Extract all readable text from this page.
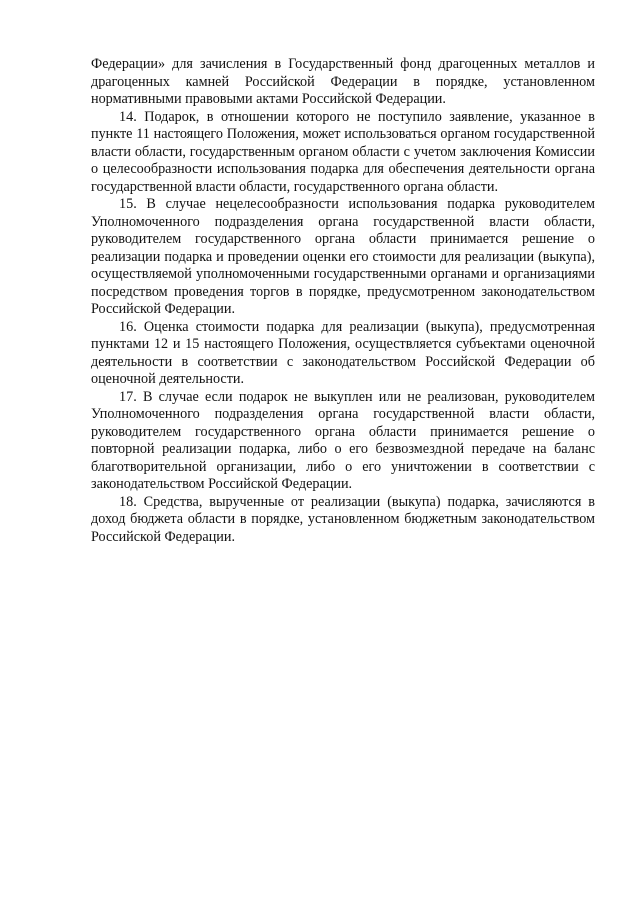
Федерации» для зачисления в Государственный фонд драгоценных металлов и драгоценных камней Российской Федерации в порядке, установленном нормативными правовыми актами Российской Федерации.

14. Подарок, в отношении которого не поступило заявление, указанное в пункте 11 настоящего Положения, может использоваться органом государственной власти области, государственным органом области с учетом заключения Комиссии о целесообразности использования подарка для обеспечения деятельности органа государственной власти области, государственного органа области.

15. В случае нецелесообразности использования подарка руководителем Уполномоченного подразделения органа государственной власти области, руководителем государственного органа области принимается решение о реализации подарка и проведении оценки его стоимости для реализации (выкупа), осуществляемой уполномоченными государственными органами и организациями посредством проведения торгов в порядке, предусмотренном законодательством Российской Федерации.

16. Оценка стоимости подарка для реализации (выкупа), предусмотренная пунктами 12 и 15 настоящего Положения, осуществляется субъектами оценочной деятельности в соответствии с законодательством Российской Федерации об оценочной деятельности.

17. В случае если подарок не выкуплен или не реализован, руководителем Уполномоченного подразделения органа государственной власти области, руководителем государственного органа области принимается решение о повторной реализации подарка, либо о его безвозмездной передаче на баланс благотворительной организации, либо о его уничтожении в соответствии с законодательством Российской Федерации.

18. Средства, вырученные от реализации (выкупа) подарка, зачисляются в доход бюджета области в порядке, установленном бюджетным законодательством Российской Федерации.
